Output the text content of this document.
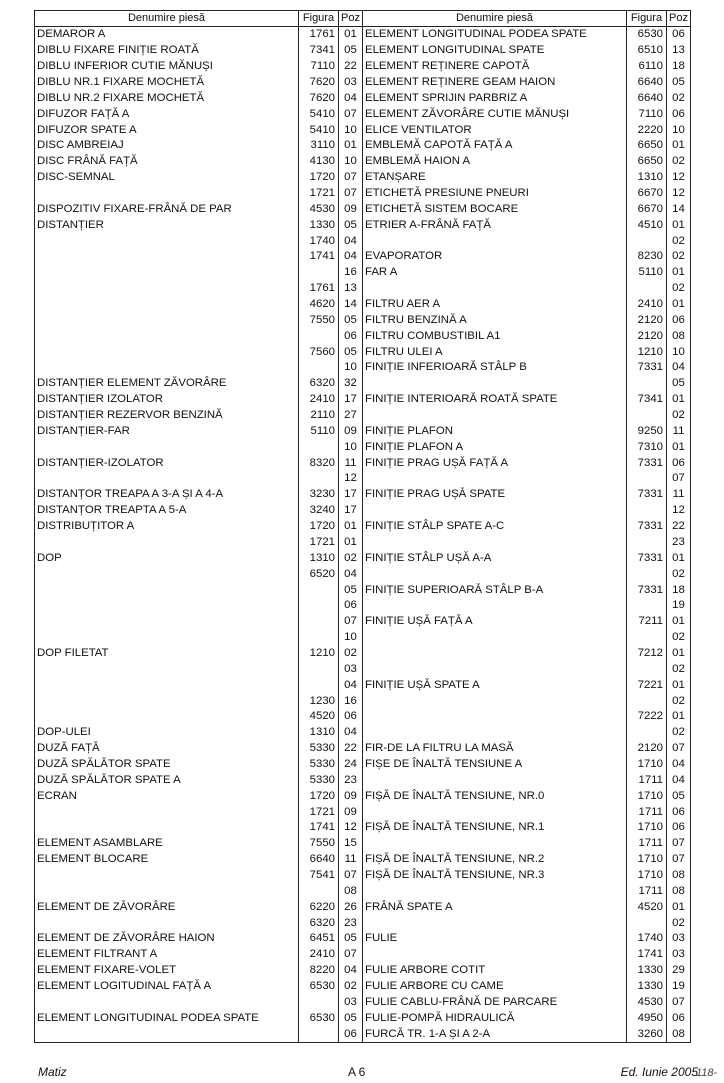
Denumire piesă	Figura	Poz	Denumire piesă	Figura	Poz
DEMAROR A	1761	01	ELEMENT LONGITUDINAL PODEA SPATE	6530	06
DIBLU FIXARE FINIȚIE ROATĂ	7341	05	ELEMENT LONGITUDINAL SPATE	6510	13
DIBLU INFERIOR CUTIE MĂNUȘI	7110	22	ELEMENT REȚINERE CAPOTĂ	6110	18
DIBLU NR.1 FIXARE MOCHETĂ	7620	03	ELEMENT REȚINERE GEAM HAION	6640	05
DIBLU NR.2 FIXARE MOCHETĂ	7620	04	ELEMENT SPRIJIN PARBRIZ A	6640	02
DIFUZOR FAȚĂ A	5410	07	ELEMENT ZĂVORÂRE CUTIE MĂNUȘI	7110	06
DIFUZOR SPATE A	5410	10	ELICE VENTILATOR	2220	10
DISC AMBREIAJ	3110	01	EMBLEMĂ CAPOTĂ FAȚĂ A	6650	01
DISC FRÂNĂ FAȚĂ	4130	10	EMBLEMĂ HAION A	6650	02
DISC-SEMNAL	1720	07	ETANȘARE	1310	12
	1721	07	ETICHETĂ PRESIUNE PNEURI	6670	12
DISPOZITIV FIXARE-FRÂNĂ DE PAR	4530	09	ETICHETĂ SISTEM BOCARE	6670	14
DISTANȚIER	1330	05	ETRIER A-FRÂNĂ FAȚĂ	4510	01
	1740	04			02
	1741	04	EVAPORATOR	8230	02
		16	FAR A	5110	01
	1761	13			02
	4620	14	FILTRU AER A	2410	01
	7550	05	FILTRU BENZINĂ A	2120	06
		06	FILTRU COMBUSTIBIL A1	2120	08
	7560	05	FILTRU ULEI A	1210	10
		10	FINIȚIE INFERIOARĂ STÂLP B	7331	04
DISTANȚIER ELEMENT ZĂVORÂRE	6320	32			05
DISTANȚIER IZOLATOR	2410	17	FINIȚIE INTERIOARĂ ROATĂ SPATE	7341	01
DISTANȚIER REZERVOR BENZINĂ	2110	27			02
DISTANȚIER-FAR	5110	09	FINIȚIE PLAFON	9250	11
		10	FINIȚIE PLAFON A	7310	01
DISTANȚIER-IZOLATOR	8320	11	FINIȚIE PRAG UȘĂ FAȚĂ A	7331	06
		12			07
DISTANȚOR TREAPA A 3-A ȘI A 4-A	3230	17	FINIȚIE PRAG UȘĂ SPATE	7331	11
DISTANȚOR TREAPTA A 5-A	3240	17			12
DISTRIBUȚITOR A	1720	01	FINIȚIE STÂLP SPATE A-C	7331	22
	1721	01			23
DOP	1310	02	FINIȚIE STÂLP UȘĂ A-A	7331	01
	6520	04			02
		05	FINIȚIE SUPERIOARĂ STÂLP B-A	7331	18
		06			19
		07	FINIȚIE UȘĂ FAȚĂ A	7211	01
		10			02
DOP FILETAT	1210	02		7212	01
		03			02
		04	FINIȚIE UȘĂ SPATE A	7221	01
	1230	16			02
	4520	06		7222	01
DOP-ULEI	1310	04			02
DUZĂ FAȚĂ	5330	22	FIR-DE LA FILTRU LA MASĂ	2120	07
DUZĂ SPĂLĂTOR SPATE	5330	24	FIȘE DE ÎNALTĂ TENSIUNE A	1710	04
DUZĂ SPĂLĂTOR SPATE A	5330	23		1711	04
ECRAN	1720	09	FIȘĂ DE ÎNALTĂ TENSIUNE, NR.0	1710	05
	1721	09		1711	06
	1741	12	FIȘĂ DE ÎNALTĂ TENSIUNE, NR.1	1710	06
ELEMENT ASAMBLARE	7550	15		1711	07
ELEMENT BLOCARE	6640	11	FIȘĂ DE ÎNALTĂ TENSIUNE, NR.2	1710	07
	7541	07	FIȘĂ DE ÎNALTĂ TENSIUNE, NR.3	1710	08
		08		1711	08
ELEMENT DE ZĂVORÂRE	6220	26	FRÂNĂ SPATE A	4520	01
	6320	23			02
ELEMENT DE ZĂVORÂRE HAION	6451	05	FULIE	1740	03
ELEMENT FILTRANT A	2410	07		1741	03
ELEMENT FIXARE-VOLET	8220	04	FULIE ARBORE COTIT	1330	29
ELEMENT LOGITUDINAL FAȚĂ A	6530	02	FULIE ARBORE CU CAME	1330	19
		03	FULIE CABLU-FRÂNĂ DE PARCARE	4530	07
ELEMENT LONGITUDINAL PODEA SPATE	6530	05	FULIE-POMPĂ HIDRAULICĂ	4950	06
		06	FURCĂ TR. 1-A ȘI A 2-A	3260	08
Matiz	A 6	Ed. Iunie 2005
118-
